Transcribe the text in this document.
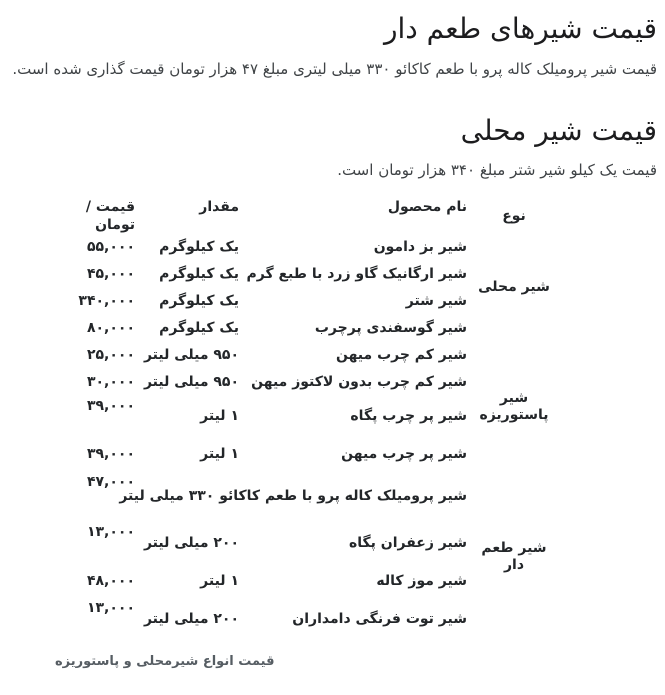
قیمت شیرهای طعم دار

قیمت شیر پرومیلک کاله پرو با طعم کاکائو ۳۳۰ میلی لیتری مبلغ ۴۷ هزار تومان قیمت گذاری شده است.

قیمت شیر محلی

قیمت یک کیلو شیر شتر مبلغ ۳۴۰ هزار تومان است.

نوع	نام محصول	مقدار	قیمت / تومان
شیر محلی	شیر بز دامون	یک کیلوگرم	۵۵,۰۰۰
	شیر ارگانیک گاو زرد با طبع گرم	یک کیلوگرم	۴۵,۰۰۰
	شیر شتر	یک کیلوگرم	۳۴۰,۰۰۰
	شیر گوسفندی پرچرب	یک کیلوگرم	۸۰,۰۰۰
شیر پاستوریزه	شیر کم چرب میهن	۹۵۰ میلی لیتر	۲۵,۰۰۰
	شیر کم چرب بدون لاکتوز میهن	۹۵۰ میلی لیتر	۳۰,۰۰۰
	شیر پر چرب پگاه	۱ لیتر	۳۹,۰۰۰
	شیر پر چرب میهن	۱ لیتر	۳۹,۰۰۰
شیر طعم دار	شیر پرومیلک کاله پرو با طعم کاکائو ۳۳۰ میلی لیتر		۴۷,۰۰۰
	شیر زعفران پگاه	۲۰۰ میلی لیتر	۱۳,۰۰۰
	شیر موز کاله	۱ لیتر	۴۸,۰۰۰
	شیر توت فرنگی دامداران	۲۰۰ میلی لیتر	۱۳,۰۰۰
قیمت انواع شیرمحلی و پاستوریزه
